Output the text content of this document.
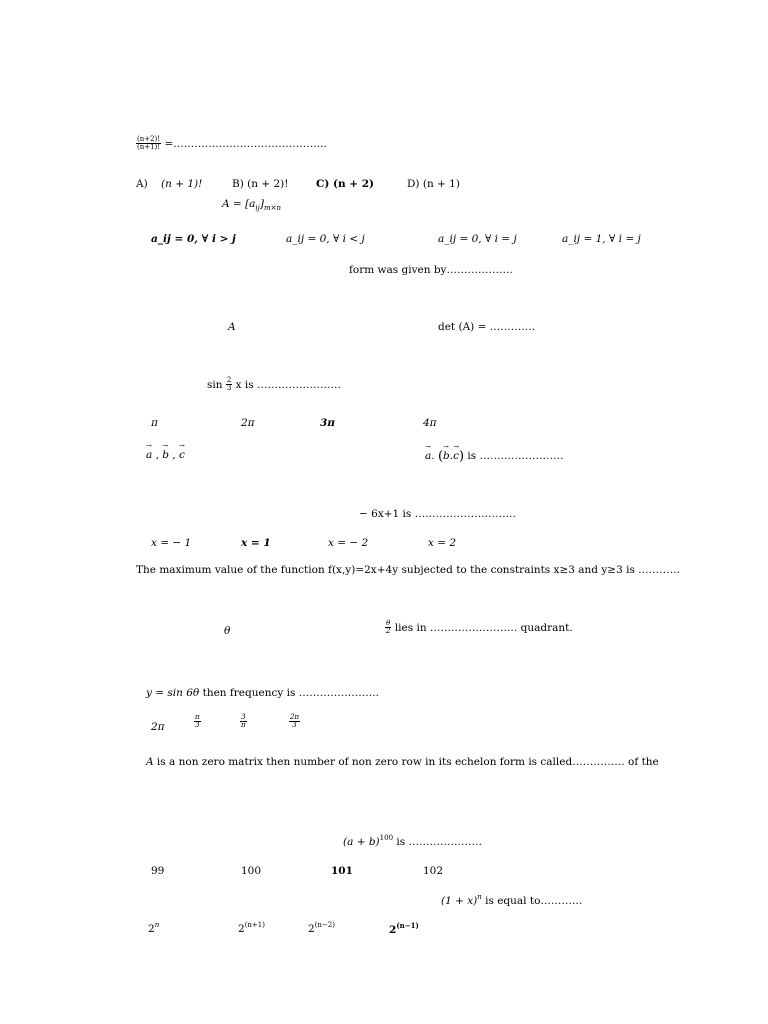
$\frac{(n+2)!}{(n+1)!}$ =……………………………………..
A) (n + 1)!	B) (n + 2)!	C) (n + 2)	D) (n + 1)
$A = [a_{ij}]_{m\times n}$
a_ij = 0, ∀ i > j	a_ij = 0, ∀ i < j	a_ij = 0, ∀ i = j	a_ij = 1, ∀ i = j
form was given by……………….
A	det (A) = ………….
$\sin \frac{2}{3}$ x is ……………………
π	2π	3π	4π
→ a , → b , → c
→	a. (→ b.→ c) is ……………………
− 6x+1 is ………………………..
x = − 1	x = 1	x = − 2	x = 2
The maximum value of the function f(x,y)=2x+4y subjected to the constraints x≥3 and y≥3 is …………
θ	$\frac{\theta}{2}$ lies in ……………………. quadrant.
y = sin 6θ then frequency is …………………..
2π	$\frac{\pi}{3}$	$\frac{3}{\pi}$	$\frac{2\pi}{3}$
A is a non zero matrix then number of non zero row in its echelon form is called…………… of the
$(a + b)^{100}$ is …………………
99	100	101	102
$(1 + x)^n$ is equal to…………
2$^n$	$2^{(n+1)}$	$2^{(n-2)}$	$2^{(n-1)}$
